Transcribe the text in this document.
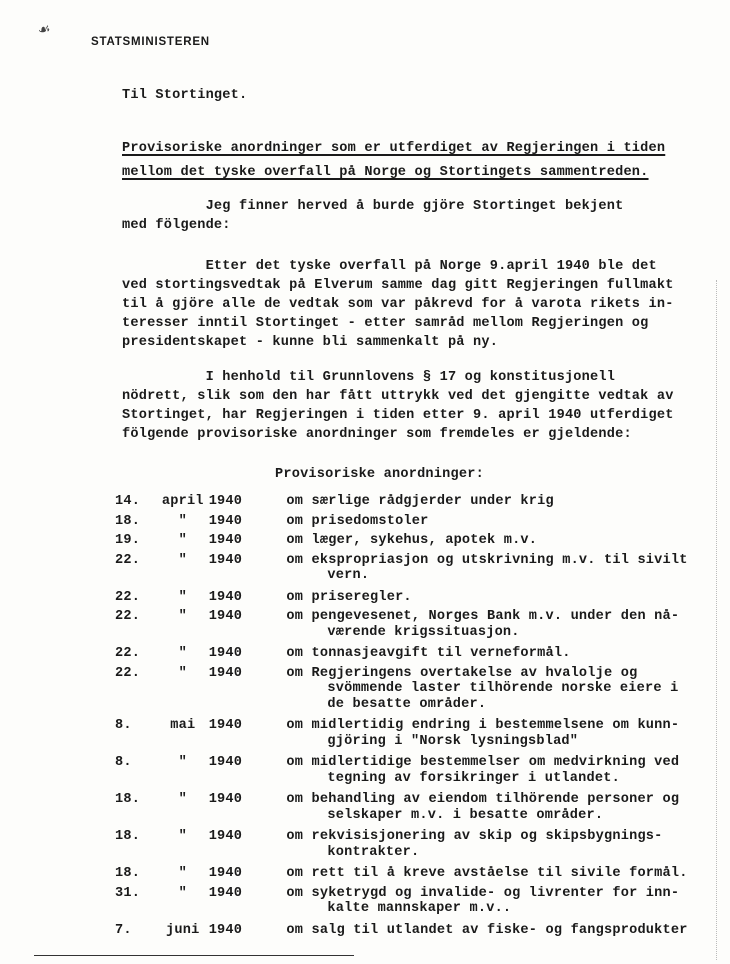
☙
STATSMINISTEREN
Til Stortinget.
Provisoriske anordninger som er utferdiget av Regjeringen i tiden
mellom det tyske overfall på Norge og Stortingets sammentreden.
Jeg finner herved å burde gjöre Stortinget bekjent
med fölgende:
Etter det tyske overfall på Norge 9.april 1940 ble det
ved stortingsvedtak på Elverum samme dag gitt Regjeringen fullmakt
til å gjöre alle de vedtak som var påkrevd for å varota rikets in-
teresser inntil Stortinget - etter samråd mellom Regjeringen og
presidentskapet - kunne bli sammenkalt på ny.
I henhold til Grunnlovens § 17 og konstitusjonell
nödrett, slik som den har fått uttrykk ved det gjengitte vedtak av
Stortinget, har Regjeringen i tiden etter 9. april 1940 utferdiget
fölgende provisoriske anordninger som fremdeles er gjeldende:
Provisoriske anordninger:
14.	april 1940	om særlige rådgjerder under krig
18.	"	1940	om prisedomstoler
19.	"	1940	om læger, sykehus, apotek m.v.
22.	"	1940	om ekspropriasjon og utskrivning m.v. til sivilt
vern.
22.	"	1940	om priseregler.
22.	"	1940	om pengevesenet, Norges Bank m.v. under den nå-
værende krigssituasjon.
22.	"	1940	om tonnasjeavgift til verneformål.
22.	"	1940	om Regjeringens overtakelse av hvalolje og
svömmende laster tilhörende norske eiere i
de besatte områder.
8.	mai 1940	om midlertidig endring i bestemmelsene om kunn-
gjöring i "Norsk lysningsblad"
8.	"	1940	om midlertidige bestemmelser om medvirkning ved
tegning av forsikringer i utlandet.
18.	"	1940	om behandling av eiendom tilhörende personer og
selskaper m.v. i besatte områder.
18.	"	1940	om rekvisisjonering av skip og skipsbygnings-
kontrakter.
18.	"	1940	om rett til å kreve avståelse til sivile formål.
31.	"	1940	om syketrygd og invalide- og livrenter for inn-
kalte mannskaper m.v..
7.	juni 1940	om salg til utlandet av fiske- og fangsprodukter
